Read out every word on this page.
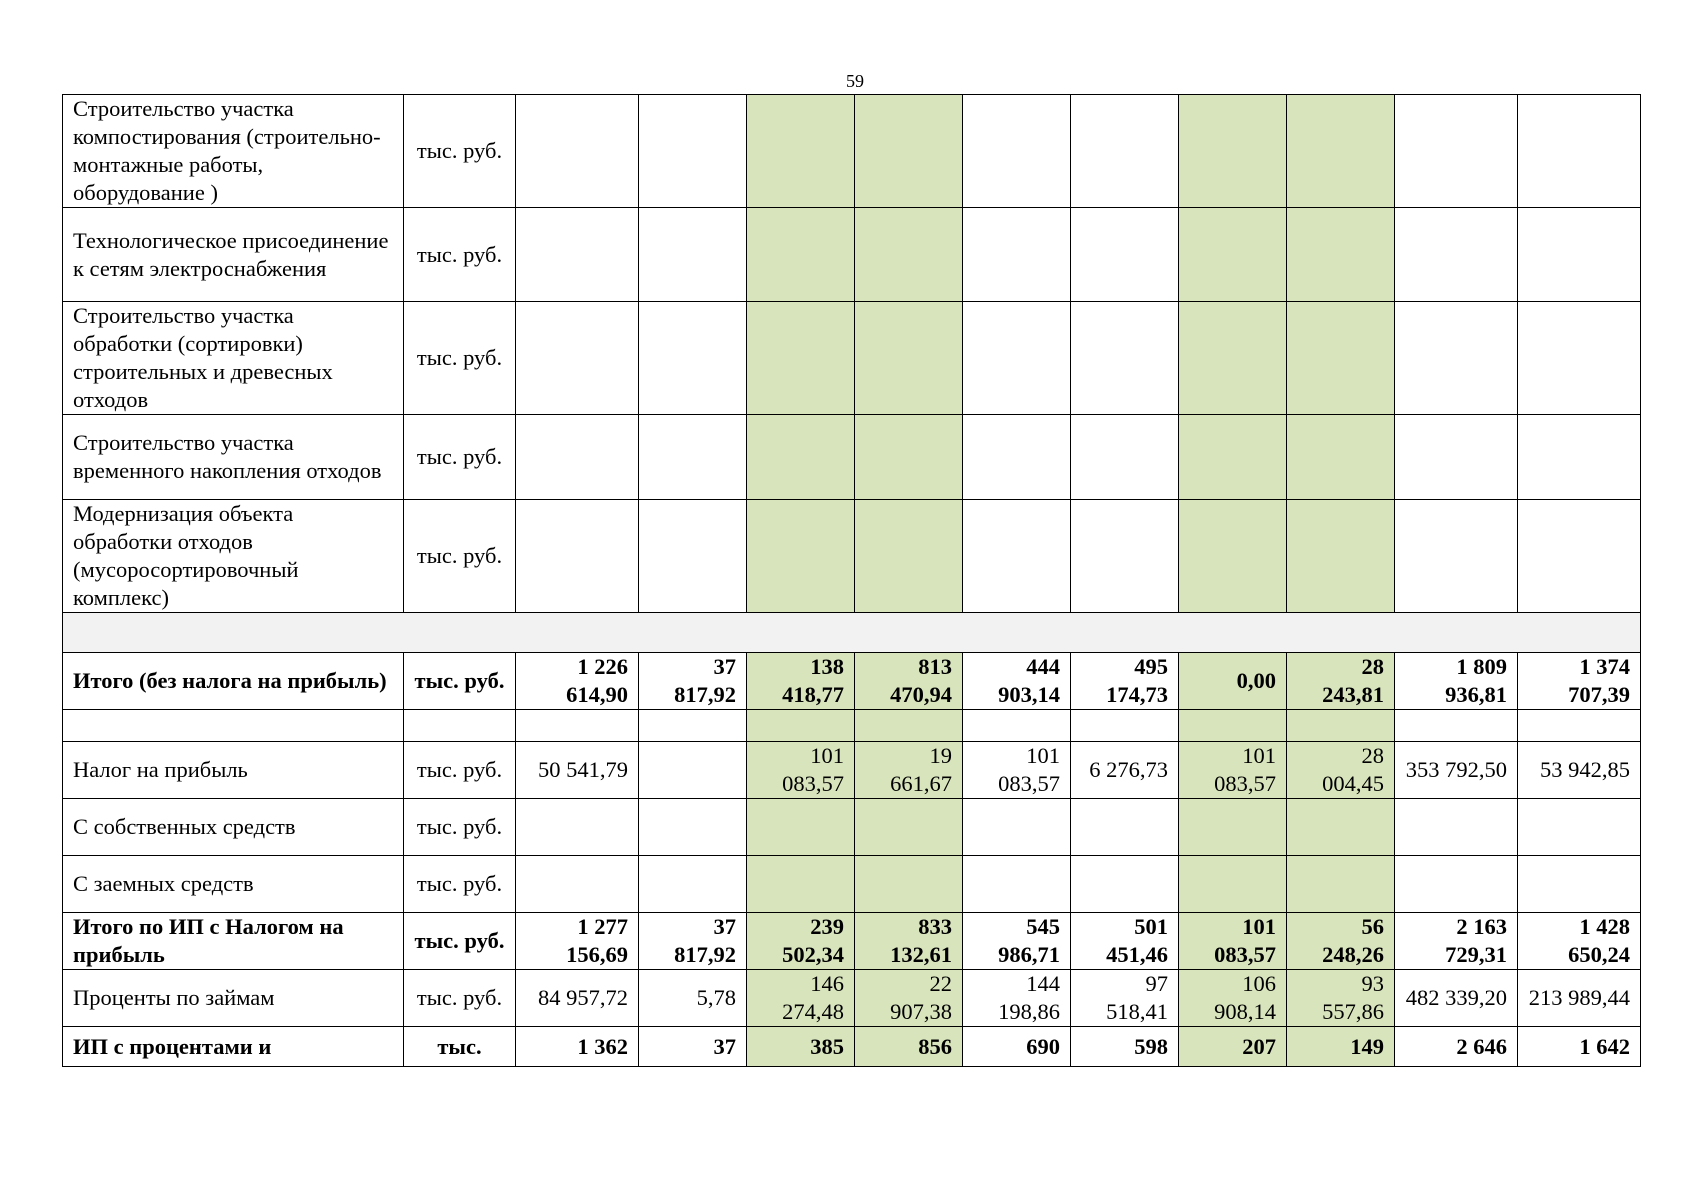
59
Строительство участка компостирования (строительно-монтажные работы, оборудование )	тыс. руб.										
Технологическое присоединение к сетям электроснабжения	тыс. руб.										
Строительство участка обработки (сортировки) строительных и древесных отходов	тыс. руб.										
Строительство участка временного накопления отходов	тыс. руб.										
Модернизация объекта обработки отходов (мусоросортировочный комплекс)	тыс. руб.										

Итого (без налога на прибыль)	тыс. руб.	1 226 614,90	37 817,92	138 418,77	813 470,94	444 903,14	495 174,73	0,00	28 243,81	1 809 936,81	1 374 707,39

Налог на прибыль	тыс. руб.	50 541,79		101 083,57	19 661,67	101 083,57	6 276,73	101 083,57	28 004,45	353 792,50	53 942,85
С собственных средств	тыс. руб.										
С заемных средств	тыс. руб.										
Итого по ИП с Налогом на прибыль	тыс. руб.	1 277 156,69	37 817,92	239 502,34	833 132,61	545 986,71	501 451,46	101 083,57	56 248,26	2 163 729,31	1 428 650,24
Проценты по займам	тыс. руб.	84 957,72	5,78	146 274,48	22 907,38	144 198,86	97 518,41	106 908,14	93 557,86	482 339,20	213 989,44
ИП с процентами и	тыс.	1 362	37	385	856	690	598	207	149	2 646	1 642
